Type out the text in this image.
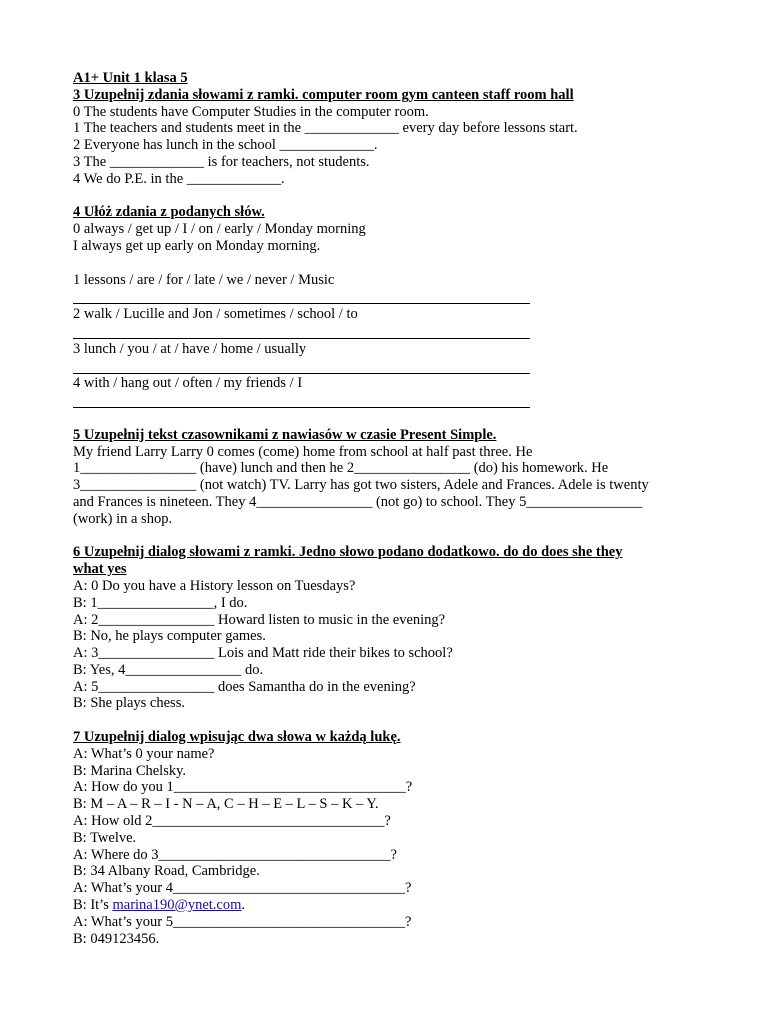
A1+ Unit 1 klasa 5
3 Uzupełnij zdania słowami z ramki. computer room gym canteen staff room hall
0 The students have Computer Studies in the computer room.
1 The teachers and students meet in the _____________ every day before lessons start.
2 Everyone has lunch in the school _____________.
3 The _____________ is for teachers, not students.
4 We do P.E. in the _____________.
4 Ułóż zdania z podanych słów.
0 always / get up / I / on / early / Monday morning
I always get up early on Monday morning.
1 lessons / are / for / late / we / never / Music
2 walk / Lucille and Jon / sometimes / school / to
3 lunch / you / at / have / home / usually
4 with / hang out / often / my friends / I
5 Uzupełnij tekst czasownikami z nawiasów w czasie Present Simple.
My friend Larry Larry 0 comes (come) home from school at half past three. He
1________________ (have) lunch and then he 2________________ (do) his homework. He
3________________ (not watch) TV. Larry has got two sisters, Adele and Frances. Adele is twenty
and Frances is nineteen. They 4________________ (not go) to school. They 5________________
(work) in a shop.
6 Uzupełnij dialog słowami z ramki. Jedno słowo podano dodatkowo. do do does she they
what yes
A: 0 Do you have a History lesson on Tuesdays?
B: 1________________, I do.
A: 2________________ Howard listen to music in the evening?
B: No, he plays computer games.
A: 3________________ Lois and Matt ride their bikes to school?
B: Yes, 4________________ do.
A: 5________________ does Samantha do in the evening?
B: She plays chess.
7 Uzupełnij dialog wpisując dwa słowa w każdą lukę.
A: What’s 0 your name?
B: Marina Chelsky.
A: How do you 1________________________________?
B: M – A – R – I - N – A, C – H – E – L – S – K – Y.
A: How old 2________________________________?
B: Twelve.
A: Where do 3________________________________?
B: 34 Albany Road, Cambridge.
A: What’s your 4________________________________?
B: It’s marina190@ynet.com.
A: What’s your 5________________________________?
B: 049123456.
